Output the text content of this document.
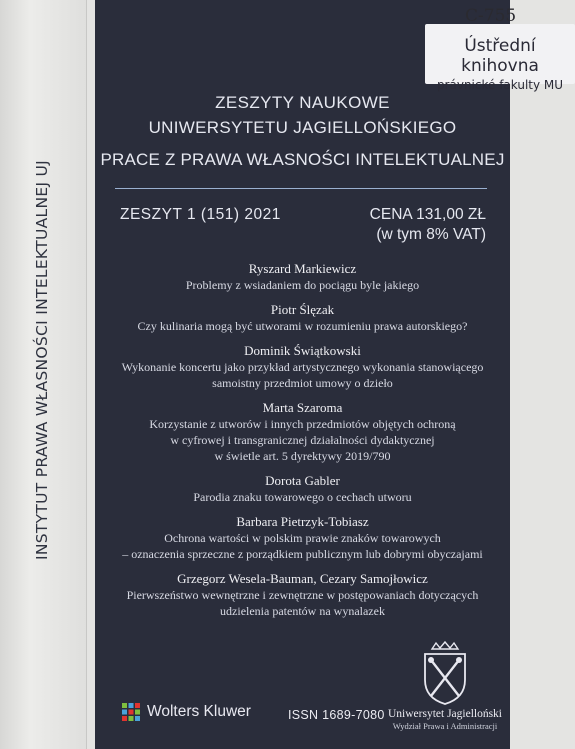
INSTYTUT PRAWA WŁASNOŚCI INTELEKTUALNEJ UJ
C-755
Ústřední knihovna
právnické fakulty MU
ZESZYTY NAUKOWE
UNIWERSYTETU JAGIELLOŃSKIEGO
PRACE Z PRAWA WŁASNOŚCI INTELEKTUALNEJ
ZESZYT 1 (151) 2021	CENA 131,00 ZŁ
(w tym 8% VAT)
Ryszard Markiewicz
Problemy z wsiadaniem do pociągu byle jakiego
Piotr Ślęzak
Czy kulinaria mogą być utworami w rozumieniu prawa autorskiego?
Dominik Świątkowski
Wykonanie koncertu jako przykład artystycznego wykonania stanowiącego
samoistny przedmiot umowy o dzieło
Marta Szaroma
Korzystanie z utworów i innych przedmiotów objętych ochroną
w cyfrowej i transgranicznej działalności dydaktycznej
w świetle art. 5 dyrektywy 2019/790
Dorota Gabler
Parodia znaku towarowego o cechach utworu
Barbara Pietrzyk-Tobiasz
Ochrona wartości w polskim prawie znaków towarowych
– oznaczenia sprzeczne z porządkiem publicznym lub dobrymi obyczajami
Grzegorz Wesela-Bauman, Cezary Samojłowicz
Pierwszeństwo wewnętrzne i zewnętrzne w postępowaniach dotyczących
udzielenia patentów na wynalazek
Wolters Kluwer	ISSN 1689-7080 Uniwersytet Jagielloński
Wydział Prawa i Administracji
